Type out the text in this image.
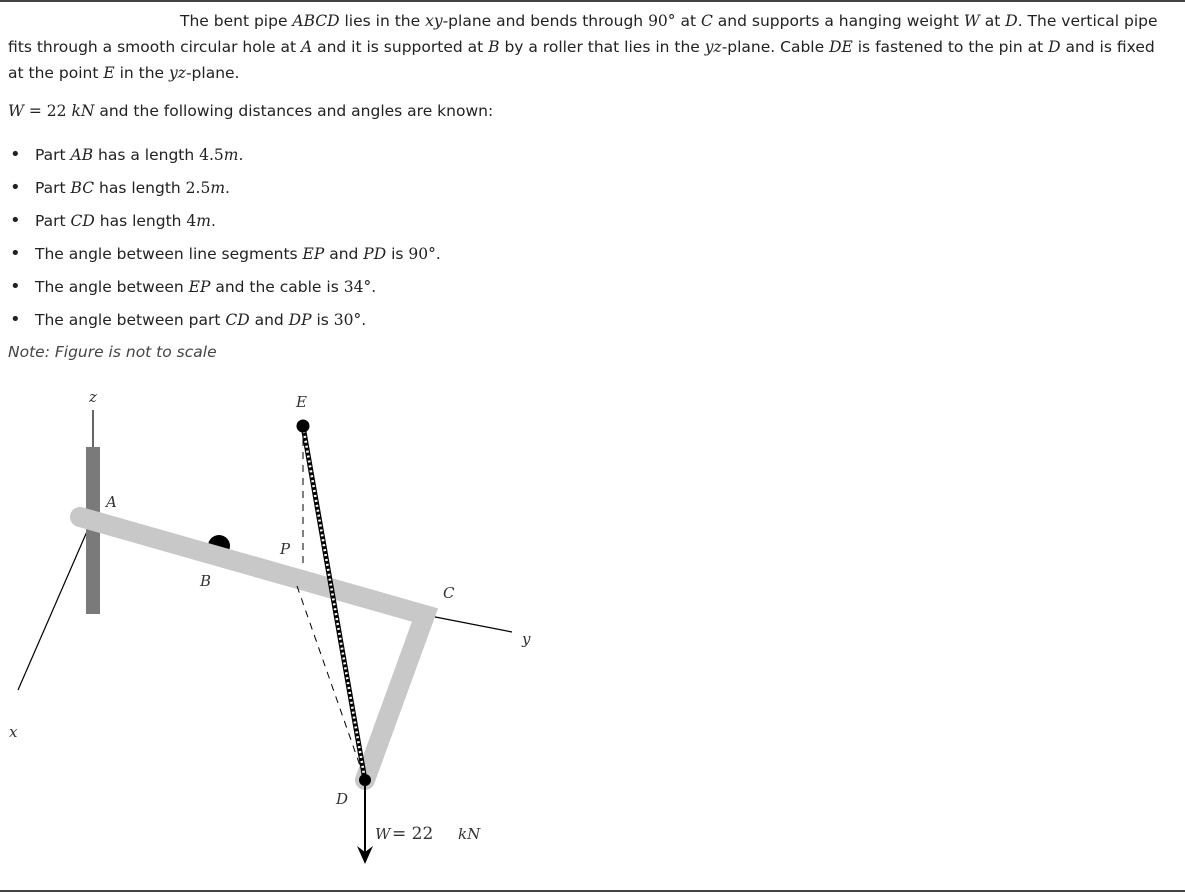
The bent pipe ABCD lies in the xy-plane and bends through 90° at C and supports a hanging weight W at D. The vertical pipe fits through a smooth circular hole at A and it is supported at B by a roller that lies in the yz-plane. Cable DE is fastened to the pin at D and is fixed at the point E in the yz-plane.
W = 22 kN and the following distances and angles are known:
• Part AB has a length 4.5m.
• Part BC has length 2.5m.
• Part CD has length 4m.
• The angle between line segments EP and PD is 90°.
• The angle between EP and the cable is 34°.
• The angle between part CD and DP is 30°.
Note: Figure is not to scale
z	E
A
P
B
C
y
x
D
W = 22 kN
